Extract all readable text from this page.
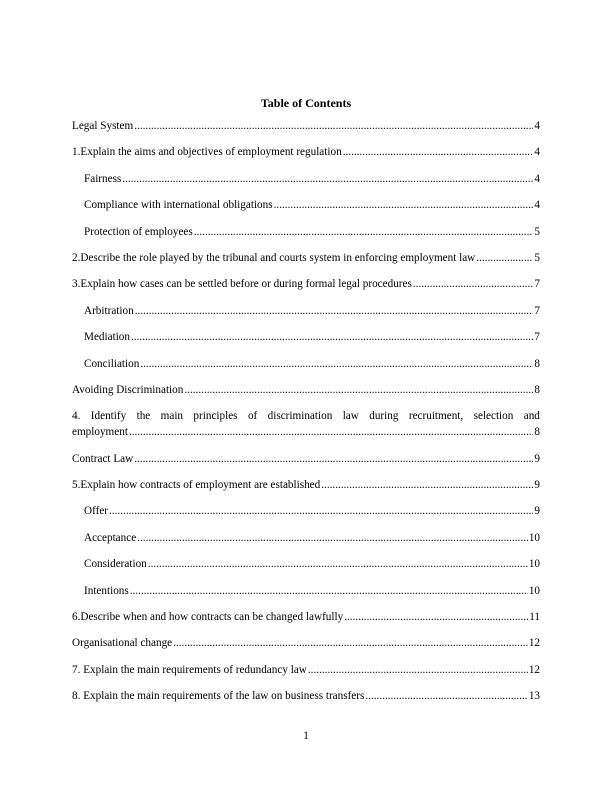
Table of Contents
Legal System .....	4
1. Explain the aims and objectives of employment regulation .....	4
Fairness .....	4
Compliance with international obligations .....	4
Protection of employees .....	5
2. Describe the role played by the tribunal and courts system in enforcing employment law .....	5
3. Explain how cases can be settled before or during formal legal procedures .....	7
Arbitration .....	7
Mediation .....	7
Conciliation .....	8
Avoiding Discrimination .....	8
4. Identify the main principles of discrimination law during recruitment, selection and
employment .....	8
Contract Law .....	9
5. Explain how contracts of employment are established .....	9
Offer .....	9
Acceptance .....	10
Consideration .....	10
Intentions .....	10
6. Describe when and how contracts can be changed lawfully .....	11
Organisational change .....	12
7. Explain the main requirements of redundancy law .....	12
8. Explain the main requirements of the law on business transfers .....	13
1
